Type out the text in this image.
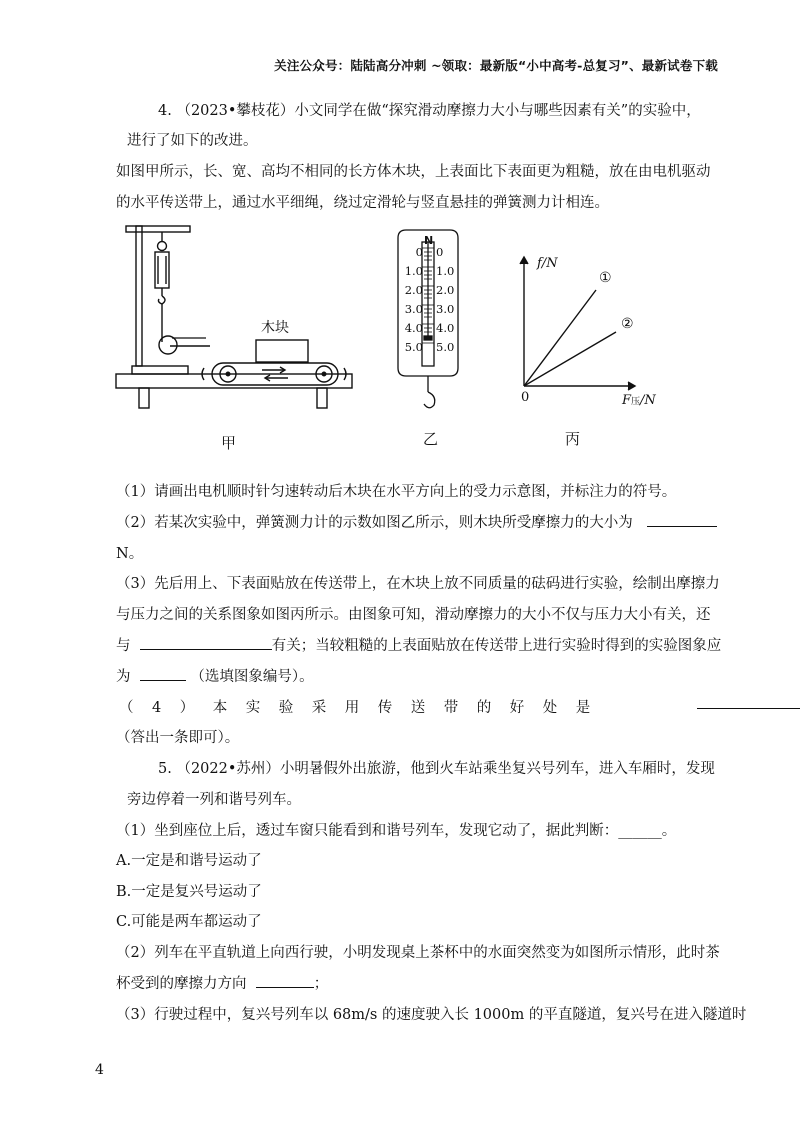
关注公众号：陆陆高分冲刺 ~领取：最新版“小中高考-总复习”、最新试卷下载
4. （2023•攀枝花）小文同学在做“探究滑动摩擦力大小与哪些因素有关”的实验中，
进行了如下的改进。
如图甲所示，长、宽、高均不相同的长方体木块，上表面比下表面更为粗糙，放在由电机驱动
的水平传送带上，通过水平细绳，绕过定滑轮与竖直悬挂的弹簧测力计相连。
木块
甲
N
0
1.0
2.0
3.0
4.0
5.0
0
1.0
2.0
3.0
4.0
5.0
乙
f/N
①
②
0	F压/N
丙
（1）请画出电机顺时针匀速转动后木块在水平方向上的受力示意图，并标注力的符号。
（2）若某次实验中，弹簧测力计的示数如图乙所示，则木块所受摩擦力的大小为
N。
（3）先后用上、下表面贴放在传送带上，在木块上放不同质量的砝码进行实验，绘制出摩擦力
与压力之间的关系图象如图丙所示。由图象可知，滑动摩擦力的大小不仅与压力大小有关，还
与	有关；当较粗糙的上表面贴放在传送带上进行实验时得到的实验图象应
为	（选填图象编号）。
（4）本实验采用传送带的好处是
（答出一条即可）。
5. （2022•苏州）小明暑假外出旅游，他到火车站乘坐复兴号列车，进入车厢时，发现
旁边停着一列和谐号列车。
（1）坐到座位上后，透过车窗只能看到和谐号列车，发现它动了，据此判断：______。
A.一定是和谐号运动了
B.一定是复兴号运动了
C.可能是两车都运动了
（2）列车在平直轨道上向西行驶，小明发现桌上茶杯中的水面突然变为如图所示情形，此时茶
杯受到的摩擦力方向	；
（3）行驶过程中，复兴号列车以 68m/s 的速度驶入长 1000m 的平直隧道，复兴号在进入隧道时
4
